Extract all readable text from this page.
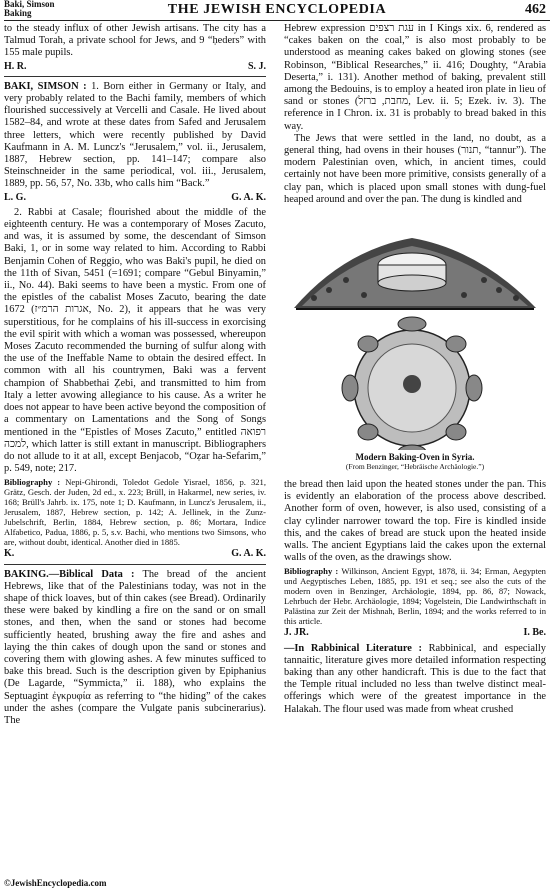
Baki, Simson
Baking	THE JEWISH ENCYCLOPEDIA	462

to the steady influx of other Jewish artisans. The city has a Talmud Torah, a private school for Jews, and 9 “ḥeders” with 155 male pupils.

H. R.	S. J.

BAKI, SIMSON : 1. Born either in Germany or Italy, and very probably related to the Bachi family, members of which flourished successively at Vercelli and Casale. He lived about 1582–84, and wrote at these dates from Safed and Jerusalem three letters, which were recently published by David Kaufmann in A. M. Luncz's “Jerusalem,” vol. ii., Jerusalem, 1887, Hebrew section, pp. 141–147; compare also Steinschneider in the same periodical, vol. iii., Jerusalem, 1889, pp. 56, 57, No. 33b, who calls him “Back.”

L. G.	G. A. K.

2. Rabbi at Casale; flourished about the middle of the eighteenth century. He was a contemporary of Moses Zacuto, and was, it is assumed by some, the descendant of Simson Baki, 1, or in some way related to him. According to Rabbi Benjamin Cohen of Reggio, who was Baki's pupil, he died on the 11th of Sivan, 5451 (=1691; compare “Gebul Binyamin,” ii., No. 44). Baki seems to have been a mystic. From one of the epistles of the cabalist Moses Zacuto, bearing the date 1672 (אגרות הרמ״ז, No. 2), it appears that he was very superstitious, for he complains of his ill-success in exorcising the evil spirit with which a woman was possessed, whereupon Moses Zacuto recommended the burning of sulfur along with the use of the Ineffable Name to obtain the desired effect. In common with all his countrymen, Baki was a fervent champion of Shabbethai Ẓebi, and transmitted to him from Italy a letter avowing allegiance to his cause. As a writer he does not appear to have been active beyond the composition of a commentary on Lamentations and the Song of Songs mentioned in the “Epistles of Moses Zacuto,” entitled רפואה למכה, which latter is still extant in manuscript. Bibliographers do not allude to it at all, except Benjacob, “Oẓar ha-Sefarim,” p. 549, note; 217.

Bibliography : Nepi-Ghirondi, Toledot Gedole Yisrael, 1856, p. 321, Grätz, Gesch. der Juden, 2d ed., x. 223; Brüll, in Hakarmel, new series, iv. 168; Brüll's Jahrb. ix. 175, note 1; D. Kaufmann, in Luncz's Jerusalem, ii., Jerusalem, 1887, Hebrew section, p. 142; A. Jellinek, in the Zunz-Jubelschrift, Berlin, 1884, Hebrew section, p. 86; Mortara, Indice Alfabetico, Padua, 1886, p. 5, s.v. Bachi, who mentions two Simsons, who are, without doubt, identical. Another died in 1885.
K.	G. A. K.

BAKING.—Biblical Data : The bread of the ancient Hebrews, like that of the Palestinians today, was not in the shape of thick loaves, but of thin cakes (see Bread). Ordinarily these were baked by kindling a fire on the sand or on small stones, and then, when the sand or stones had become sufficiently heated, brushing away the fire and ashes and laying the thin cakes of dough upon the sand or stones and covering them with glowing ashes. A few minutes sufficed to bake this bread. Such is the description given by Epiphanius (De Lagarde, “Symmicta,” ii. 188), who explains the Septuagint ἐγκρυφία as referring to “the hiding” of the cakes under the ashes (compare the Vulgate panis subcinerarius). The

Hebrew expression עגת רצפים in I Kings xix. 6, rendered as “cakes baken on the coal,” is also most probably to be understood as meaning cakes baked on glowing stones (see Robinson, “Biblical Researches,” ii. 416; Doughty, “Arabia Deserta,” i. 131). Another method of baking, prevalent still among the Bedouins, is to employ a heated iron plate in lieu of sand or stones (מחבת, ברזל, Lev. ii. 5; Ezek. iv. 3). The reference in I Chron. ix. 31 is probably to bread baked in this way.

The Jews that were settled in the land, no doubt, as a general thing, had ovens in their houses (תנור, “tannur”). The modern Palestinian oven, which, in ancient times, could certainly not have been more primitive, consists generally of a clay pan, which is placed upon small stones with dung-fuel heaped around and over the pan. The dung is kindled and

Modern Baking-Oven in Syria.
(From Benzinger, “Hebräische Archäologie.”)

the bread then laid upon the heated stones under the pan. This is evidently an elaboration of the process above described. Another form of oven, however, is also used, consisting of a clay cylinder narrower toward the top. Fire is kindled inside this, and the cakes of bread are stuck upon the heated inside walls. The ancient Egyptians laid the cakes upon the external walls of the oven, as the drawings show.

Bibliography : Wilkinson, Ancient Egypt, 1878, ii. 34; Erman, Aegypten und Aegyptisches Leben, 1885, pp. 191 et seq.; see also the cuts of the modern oven in Benzinger, Archäologie, 1894, pp. 86, 87; Nowack, Lehrbuch der Hebr. Archäologie, 1894; Vogelstein, Die Landwirthschaft in Palästina zur Zeit der Mishnah, Berlin, 1894; and the works referred to in this article.
J. JR.	I. Be.

—In Rabbinical Literature : Rabbinical, and especially tannaitic, literature gives more detailed information respecting baking than any other handicraft. This is due to the fact that the Temple ritual included no less than twelve distinct meal-offerings which were of the greatest importance in the Halakah. The flour used was made from wheat crushed

©JewishEncyclopedia.com
